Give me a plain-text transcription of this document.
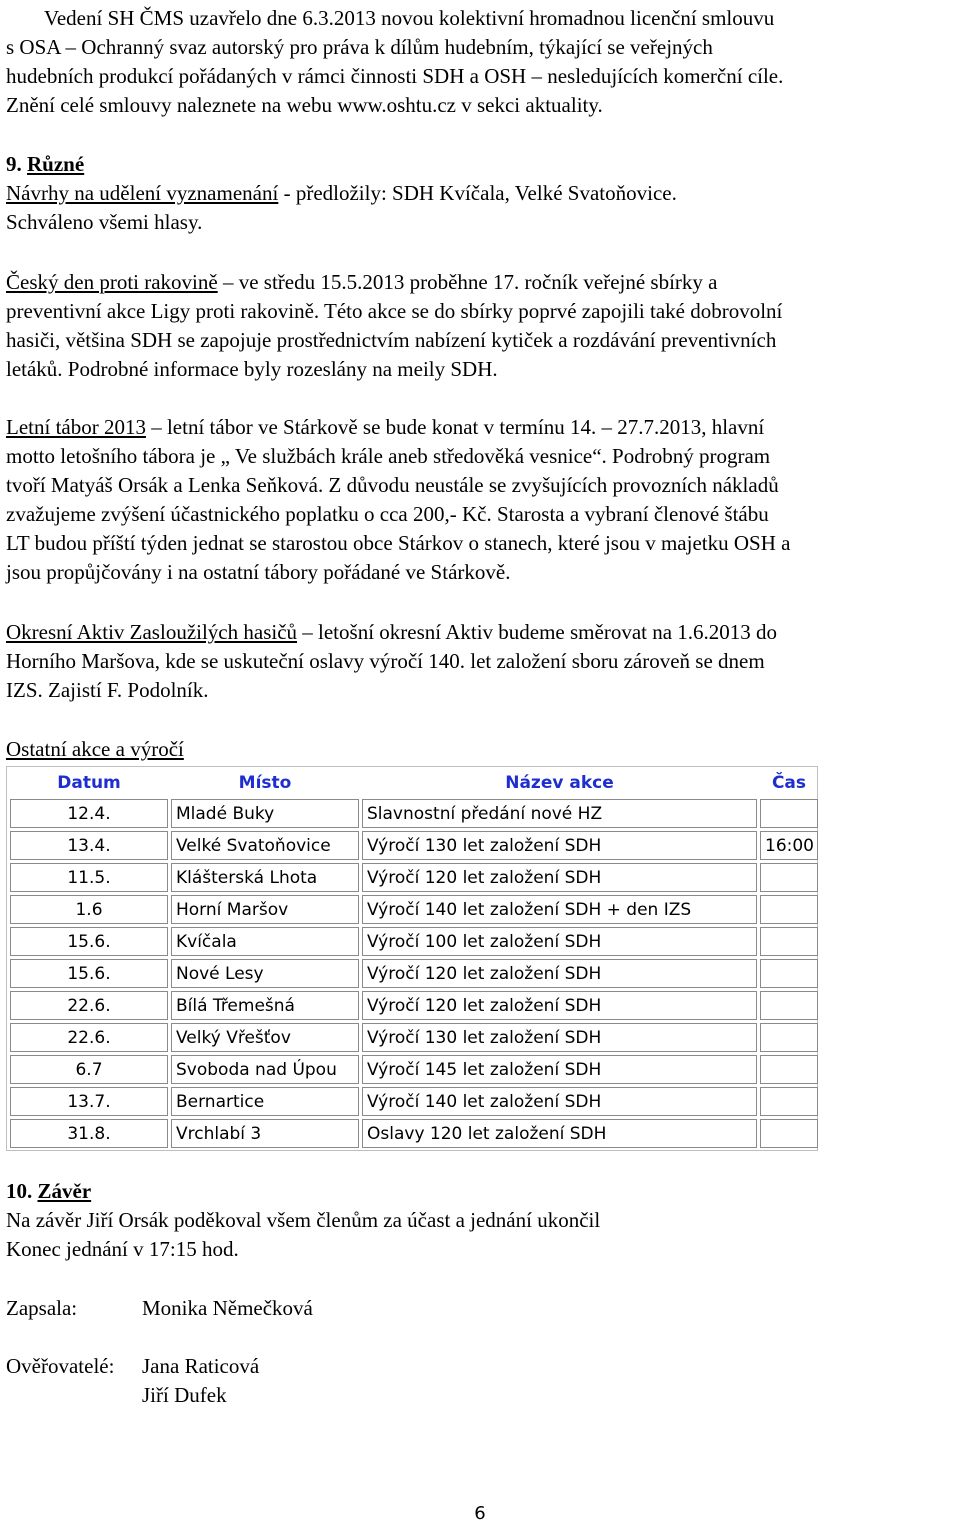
Vedení SH ČMS uzavřelo dne 6.3.2013 novou kolektivní hromadnou licenční smlouvu
s OSA – Ochranný svaz autorský pro práva k dílům hudebním, týkající se veřejných
hudebních produkcí pořádaných v rámci činnosti SDH a OSH – nesledujících komerční cíle.
Znění celé smlouvy naleznete na webu www.oshtu.cz v sekci aktuality.

9. Různé

Návrhy na udělení vyznamenání - předložily: SDH Kvíčala, Velké Svatoňovice.

Schváleno všemi hlasy.

Český den proti rakovině – ve středu 15.5.2013 proběhne 17. ročník veřejné sbírky a
preventivní akce Ligy proti rakovině. Této akce se do sbírky poprvé zapojili také dobrovolní
hasiči, většina SDH se zapojuje prostřednictvím nabízení kytiček a rozdávání preventivních
letáků. Podrobné informace byly rozeslány na meily SDH.

Letní tábor 2013 – letní tábor ve Stárkově se bude konat v termínu 14. – 27.7.2013, hlavní
motto letošního tábora je „ Ve službách krále aneb středověká vesnice“. Podrobný program
tvoří Matyáš Orsák a Lenka Seňková. Z důvodu neustále se zvyšujících provozních nákladů
zvažujeme zvýšení účastnického poplatku o cca 200,- Kč. Starosta a vybraní členové štábu
LT budou příští týden jednat se starostou obce Stárkov o stanech, které jsou v majetku OSH a
jsou propůjčovány i na ostatní tábory pořádané ve Stárkově.

Okresní Aktiv Zasloužilých hasičů – letošní okresní Aktiv budeme směrovat na 1.6.2013 do
Horního Maršova, kde se uskuteční oslavy výročí 140. let založení sboru zároveň se dnem
IZS. Zajistí F. Podolník.

Ostatní akce a výročí

Datum	Místo	Název akce	Čas
12.4.	Mladé Buky	Slavnostní předání nové HZ	
13.4.	Velké Svatoňovice	Výročí 130 let založení SDH	16:00
11.5.	Klášterská Lhota	Výročí 120 let založení SDH	
1.6	Horní Maršov	Výročí 140 let založení SDH + den IZS	
15.6.	Kvíčala	Výročí 100 let založení SDH	
15.6.	Nové Lesy	Výročí 120 let založení SDH	
22.6.	Bílá Třemešná	Výročí 120 let založení SDH	
22.6.	Velký Vřešťov	Výročí 130 let založení SDH	
6.7	Svoboda nad Úpou	Výročí 145 let založení SDH	
13.7.	Bernartice	Výročí 140 let založení SDH	
31.8.	Vrchlabí 3	Oslavy 120 let založení SDH	

10. Závěr

Na závěr Jiří Orsák poděkoval všem členům za účast a jednání ukončil

Konec jednání v 17:15 hod.

Zapsala:	Monika Němečková

Ověřovatelé: Jana Raticová

Jiří Dufek

6
